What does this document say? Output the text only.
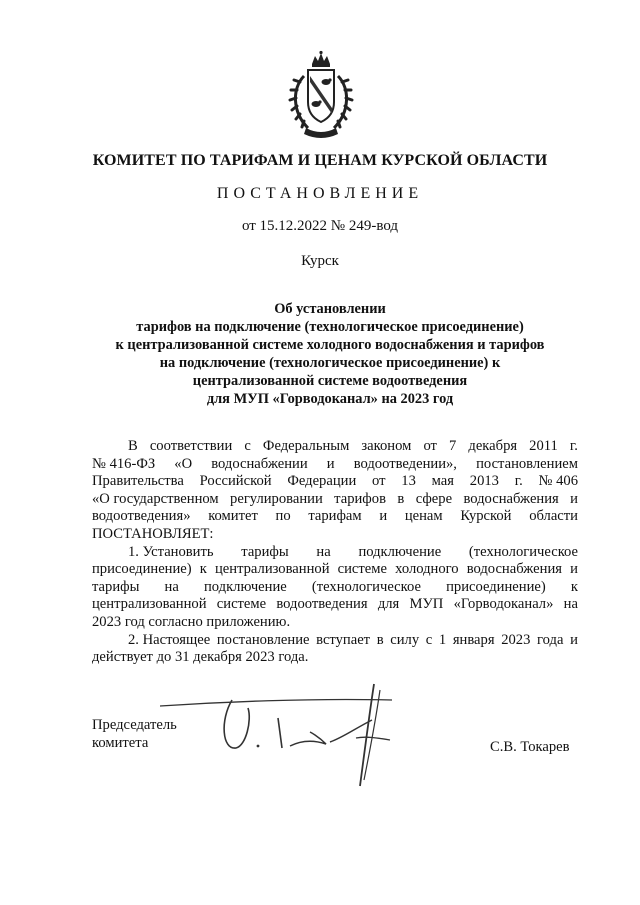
КОМИТЕТ ПО ТАРИФАМ И ЦЕНАМ КУРСКОЙ ОБЛАСТИ
ПОСТАНОВЛЕНИЕ
от 15.12.2022 № 249-вод
Курск
Об установлении
тарифов на подключение (технологическое присоединение)
к централизованной системе холодного водоснабжения и тарифов
на подключение (технологическое присоединение) к
централизованной системе водоотведения
для МУП «Горводоканал» на 2023 год
В соответствии с Федеральным законом от 7 декабря 2011 г.
№ 416-ФЗ «О водоснабжении и водоотведении», постановлением
Правительства Российской Федерации от 13 мая 2013 г. № 406
«О государственном регулировании тарифов в сфере водоснабжения и
водоотведения» комитет по тарифам и ценам Курской области
ПОСТАНОВЛЯЕТ:
1. Установить тарифы на подключение (технологическое
присоединение) к централизованной системе холодного водоснабжения и
тарифы на подключение (технологическое присоединение) к
централизованной системе водоотведения для МУП «Горводоканал» на
2023 год согласно приложению.
2. Настоящее постановление вступает в силу с 1 января 2023 года и
действует до 31 декабря 2023 года.
Председатель
комитета	С.В. Токарев
